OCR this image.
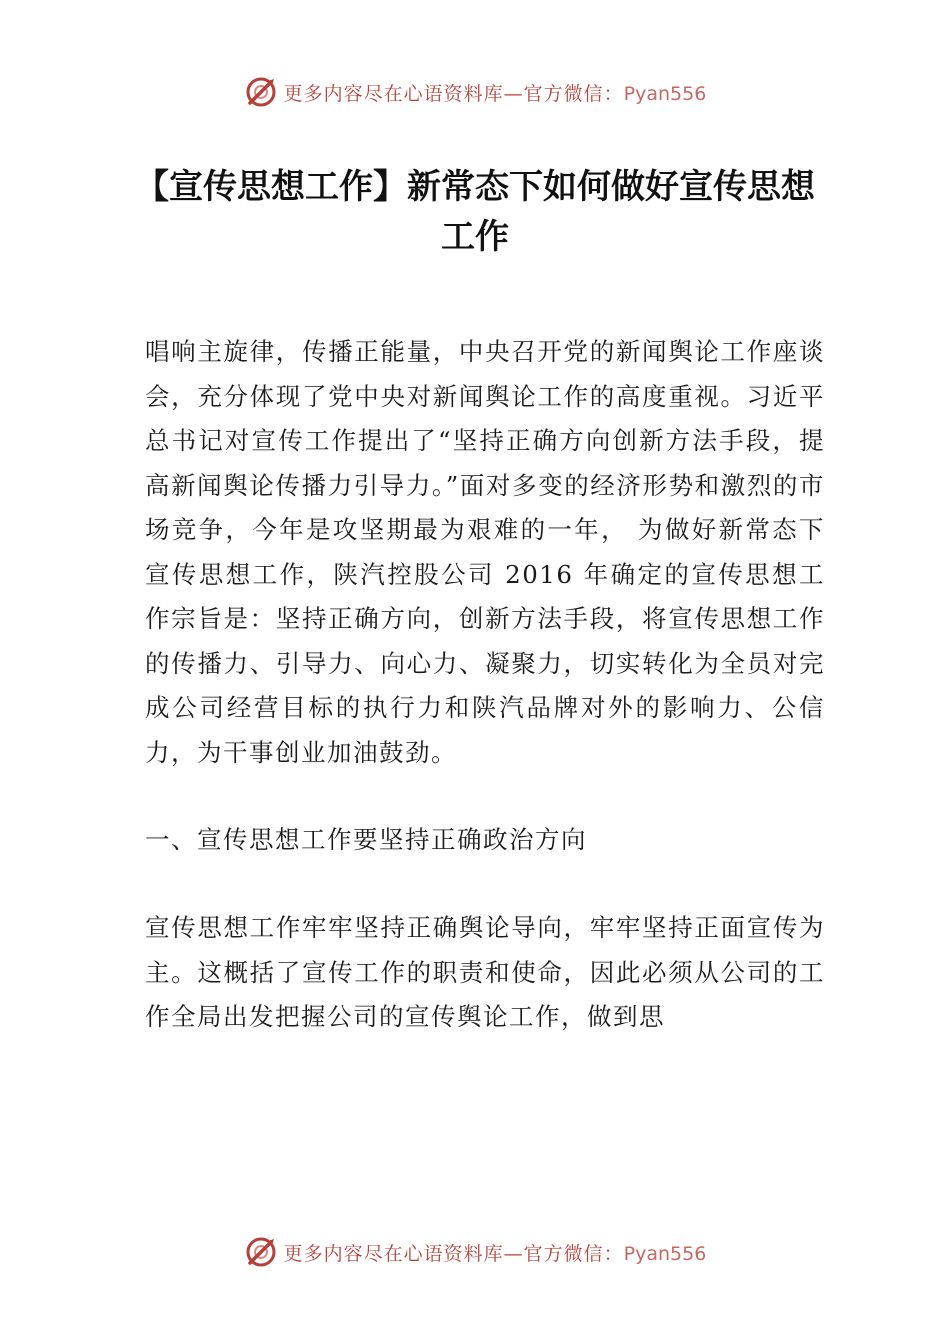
更多内容尽在心语资料库—官方微信：Pyan556
【宣传思想工作】新常态下如何做好宣传思想工作

唱响主旋律，传播正能量，中央召开党的新闻舆论工作座谈会，充分体现了党中央对新闻舆论工作的高度重视。习近平总书记对宣传工作提出了“坚持正确方向创新方法手段，提高新闻舆论传播力引导力。”面对多变的经济形势和激烈的市场竞争，今年是攻坚期最为艰难的一年， 为做好新常态下宣传思想工作，陕汽控股公司 2016 年确定的宣传思想工作宗旨是：坚持正确方向，创新方法手段，将宣传思想工作的传播力、引导力、向心力、凝聚力，切实转化为全员对完成公司经营目标的执行力和陕汽品牌对外的影响力、公信力，为干事创业加油鼓劲。

一、宣传思想工作要坚持正确政治方向

宣传思想工作牢牢坚持正确舆论导向，牢牢坚持正面宣传为主。这概括了宣传工作的职责和使命，因此必须从公司的工作全局出发把握公司的宣传舆论工作，做到思

更多内容尽在心语资料库—官方微信：Pyan556
